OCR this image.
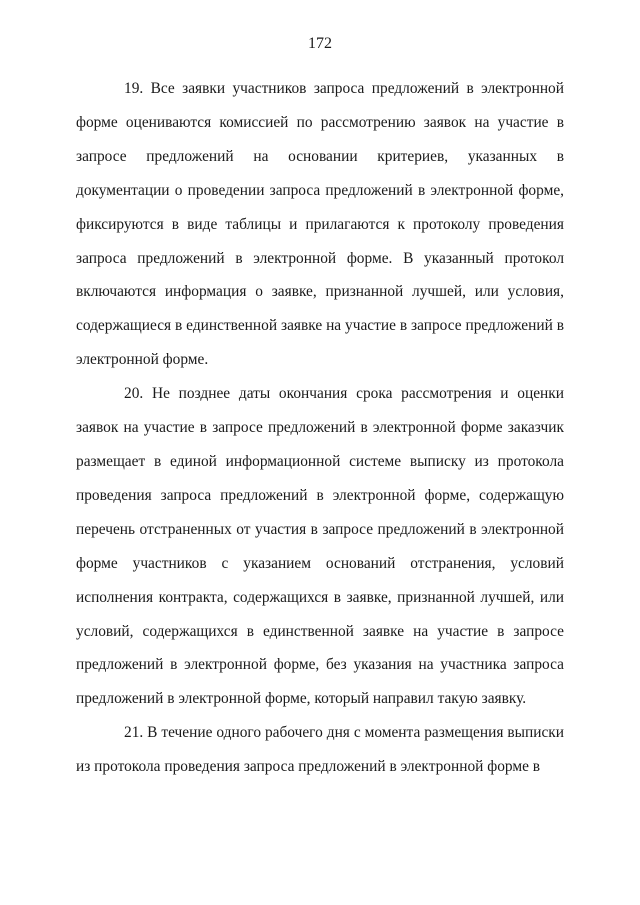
172

19. Все заявки участников запроса предложений в электронной форме оцениваются комиссией по рассмотрению заявок на участие в запросе предложений на основании критериев, указанных в документации о проведении запроса предложений в электронной форме, фиксируются в виде таблицы и прилагаются к протоколу проведения запроса предложений в электронной форме. В указанный протокол включаются информация о заявке, признанной лучшей, или условия, содержащиеся в единственной заявке на участие в запросе предложений в электронной форме.

20. Не позднее даты окончания срока рассмотрения и оценки заявок на участие в запросе предложений в электронной форме заказчик размещает в единой информационной системе выписку из протокола проведения запроса предложений в электронной форме, содержащую перечень отстраненных от участия в запросе предложений в электронной форме участников с указанием оснований отстранения, условий исполнения контракта, содержащихся в заявке, признанной лучшей, или условий, содержащихся в единственной заявке на участие в запросе предложений в электронной форме, без указания на участника запроса предложений в электронной форме, который направил такую заявку.

21. В течение одного рабочего дня с момента размещения выписки из протокола проведения запроса предложений в электронной форме в
